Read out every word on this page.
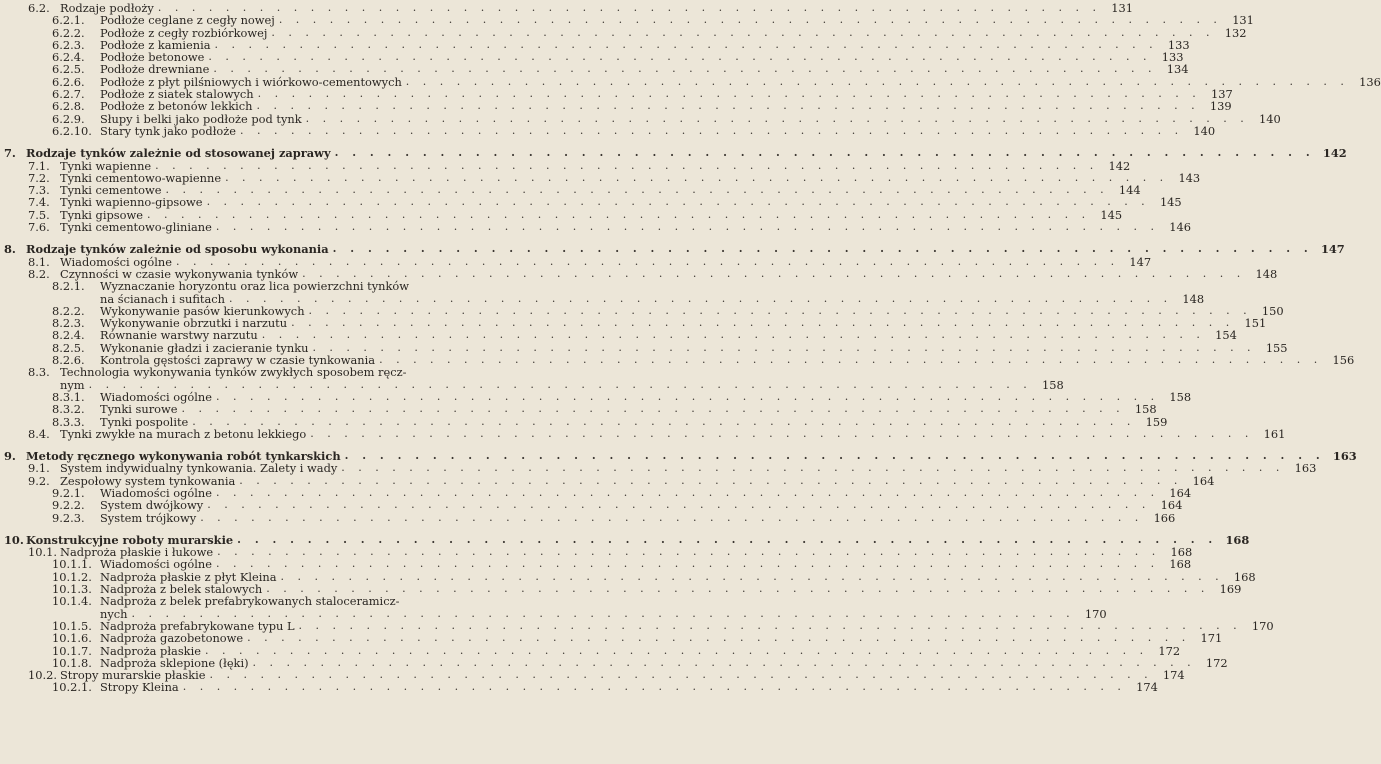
6.2. Rodzaje podłoży . . . . . . . . . . . . . . . . . . . . . . . . . . . . . . . . . . . . . . . . . . . . . . . . . . . . . . . . 131
6.2.1.	Podłoże ceglane z cegły nowej . . . . . . . . . . . . . . . . . . . . . . . . . . . . . . . . . . . . . . . . . . . . . . . . . . . . . . . . 131
6.2.2.	Podłoże z cegły rozbiórkowej . . . . . . . . . . . . . . . . . . . . . . . . . . . . . . . . . . . . . . . . . . . . . . . . . . . . . . . . 132
6.2.3.	Podłoże z kamienia . . . . . . . . . . . . . . . . . . . . . . . . . . . . . . . . . . . . . . . . . . . . . . . . . . . . . . . . 133
6.2.4.	Podłoże betonowe . . . . . . . . . . . . . . . . . . . . . . . . . . . . . . . . . . . . . . . . . . . . . . . . . . . . . . . . 133
6.2.5.	Podłoże drewniane . . . . . . . . . . . . . . . . . . . . . . . . . . . . . . . . . . . . . . . . . . . . . . . . . . . . . . . . 134
6.2.6.	Podłoże z płyt pilśniowych i wiórkowo-cementowych . . . . . . . . . . . . . . . . . . . . . . . . . . . . . . . . . . . . . . . . . . . . . . . . . . . . . . . . 136
6.2.7.	Podłoże z siatek stalowych . . . . . . . . . . . . . . . . . . . . . . . . . . . . . . . . . . . . . . . . . . . . . . . . . . . . . . . . 137
6.2.8.	Podłoże z betonów lekkich . . . . . . . . . . . . . . . . . . . . . . . . . . . . . . . . . . . . . . . . . . . . . . . . . . . . . . . . 139
6.2.9.	Słupy i belki jako podłoże pod tynk . . . . . . . . . . . . . . . . . . . . . . . . . . . . . . . . . . . . . . . . . . . . . . . . . . . . . . . . 140
6.2.10. Stary tynk jako podłoże . . . . . . . . . . . . . . . . . . . . . . . . . . . . . . . . . . . . . . . . . . . . . . . . . . . . . . . . 140
7. Rodzaje tynków zależnie od stosowanej zaprawy . . . . . . . . . . . . . . . . . . . . . . . . . . . . . . . . . . . . . . . . . . . . . . . . . . . . . . . . 142
7.1. Tynki wapienne . . . . . . . . . . . . . . . . . . . . . . . . . . . . . . . . . . . . . . . . . . . . . . . . . . . . . . . . 142
7.2. Tynki cementowo-wapienne . . . . . . . . . . . . . . . . . . . . . . . . . . . . . . . . . . . . . . . . . . . . . . . . . . . . . . . . 143
7.3. Tynki cementowe . . . . . . . . . . . . . . . . . . . . . . . . . . . . . . . . . . . . . . . . . . . . . . . . . . . . . . . . 144
7.4. Tynki wapienno-gipsowe . . . . . . . . . . . . . . . . . . . . . . . . . . . . . . . . . . . . . . . . . . . . . . . . . . . . . . . . 145
7.5. Tynki gipsowe . . . . . . . . . . . . . . . . . . . . . . . . . . . . . . . . . . . . . . . . . . . . . . . . . . . . . . . . 145
7.6. Tynki cementowo-gliniane . . . . . . . . . . . . . . . . . . . . . . . . . . . . . . . . . . . . . . . . . . . . . . . . . . . . . . . . 146
8. Rodzaje tynków zależnie od sposobu wykonania . . . . . . . . . . . . . . . . . . . . . . . . . . . . . . . . . . . . . . . . . . . . . . . . . . . . . . . . 147
8.1. Wiadomości ogólne . . . . . . . . . . . . . . . . . . . . . . . . . . . . . . . . . . . . . . . . . . . . . . . . . . . . . . . . 147
8.2. Czynności w czasie wykonywania tynków . . . . . . . . . . . . . . . . . . . . . . . . . . . . . . . . . . . . . . . . . . . . . . . . . . . . . . . . 148
8.2.1.	Wyznaczanie horyzontu oraz lica powierzchni tynków
na ścianach i sufitach . . . . . . . . . . . . . . . . . . . . . . . . . . . . . . . . . . . . . . . . . . . . . . . . . . . . . . . . 148
8.2.2.	Wykonywanie pasów kierunkowych . . . . . . . . . . . . . . . . . . . . . . . . . . . . . . . . . . . . . . . . . . . . . . . . . . . . . . . . 150
8.2.3.	Wykonywanie obrzutki i narzutu . . . . . . . . . . . . . . . . . . . . . . . . . . . . . . . . . . . . . . . . . . . . . . . . . . . . . . . . 151
8.2.4.	Równanie warstwy narzutu . . . . . . . . . . . . . . . . . . . . . . . . . . . . . . . . . . . . . . . . . . . . . . . . . . . . . . . . 154
8.2.5.	Wykonanie gładzi i zacieranie tynku . . . . . . . . . . . . . . . . . . . . . . . . . . . . . . . . . . . . . . . . . . . . . . . . . . . . . . . . 155
8.2.6.	Kontrola gęstości zaprawy w czasie tynkowania . . . . . . . . . . . . . . . . . . . . . . . . . . . . . . . . . . . . . . . . . . . . . . . . . . . . . . . . 156
8.3. Technologia wykonywania tynków zwykłych sposobem ręcz-
nym . . . . . . . . . . . . . . . . . . . . . . . . . . . . . . . . . . . . . . . . . . . . . . . . . . . . . . . . 158
8.3.1.	Wiadomości ogólne . . . . . . . . . . . . . . . . . . . . . . . . . . . . . . . . . . . . . . . . . . . . . . . . . . . . . . . . 158
8.3.2.	Tynki surowe . . . . . . . . . . . . . . . . . . . . . . . . . . . . . . . . . . . . . . . . . . . . . . . . . . . . . . . . 158
8.3.3.	Tynki pospolite . . . . . . . . . . . . . . . . . . . . . . . . . . . . . . . . . . . . . . . . . . . . . . . . . . . . . . . . 159
8.4. Tynki zwykłe na murach z betonu lekkiego . . . . . . . . . . . . . . . . . . . . . . . . . . . . . . . . . . . . . . . . . . . . . . . . . . . . . . . . 161
9. Metody ręcznego wykonywania robót tynkarskich . . . . . . . . . . . . . . . . . . . . . . . . . . . . . . . . . . . . . . . . . . . . . . . . . . . . . . . . 163
9.1. System indywidualny tynkowania. Zalety i wady . . . . . . . . . . . . . . . . . . . . . . . . . . . . . . . . . . . . . . . . . . . . . . . . . . . . . . . . 163
9.2. Zespołowy system tynkowania . . . . . . . . . . . . . . . . . . . . . . . . . . . . . . . . . . . . . . . . . . . . . . . . . . . . . . . . 164
9.2.1.	Wiadomości ogólne . . . . . . . . . . . . . . . . . . . . . . . . . . . . . . . . . . . . . . . . . . . . . . . . . . . . . . . . 164
9.2.2.	System dwójkowy . . . . . . . . . . . . . . . . . . . . . . . . . . . . . . . . . . . . . . . . . . . . . . . . . . . . . . . . 164
9.2.3.	System trójkowy . . . . . . . . . . . . . . . . . . . . . . . . . . . . . . . . . . . . . . . . . . . . . . . . . . . . . . . . 166
10. Konstrukcyjne roboty murarskie . . . . . . . . . . . . . . . . . . . . . . . . . . . . . . . . . . . . . . . . . . . . . . . . . . . . . . . . 168
10.1. Nadproża płaskie i łukowe . . . . . . . . . . . . . . . . . . . . . . . . . . . . . . . . . . . . . . . . . . . . . . . . . . . . . . . . 168
10.1.1. Wiadomości ogólne . . . . . . . . . . . . . . . . . . . . . . . . . . . . . . . . . . . . . . . . . . . . . . . . . . . . . . . . 168
10.1.2. Nadproża płaskie z płyt Kleina . . . . . . . . . . . . . . . . . . . . . . . . . . . . . . . . . . . . . . . . . . . . . . . . . . . . . . . . 168
10.1.3. Nadproża z belek stalowych . . . . . . . . . . . . . . . . . . . . . . . . . . . . . . . . . . . . . . . . . . . . . . . . . . . . . . . . 169
10.1.4. Nadproża z belek prefabrykowanych staloceramicz-
nych . . . . . . . . . . . . . . . . . . . . . . . . . . . . . . . . . . . . . . . . . . . . . . . . . . . . . . . . 170
10.1.5. Nadproża prefabrykowane typu L . . . . . . . . . . . . . . . . . . . . . . . . . . . . . . . . . . . . . . . . . . . . . . . . . . . . . . . . 170
10.1.6. Nadproża gazobetonowe . . . . . . . . . . . . . . . . . . . . . . . . . . . . . . . . . . . . . . . . . . . . . . . . . . . . . . . . 171
10.1.7. Nadproża płaskie . . . . . . . . . . . . . . . . . . . . . . . . . . . . . . . . . . . . . . . . . . . . . . . . . . . . . . . . 172
10.1.8. Nadproża sklepione (łęki) . . . . . . . . . . . . . . . . . . . . . . . . . . . . . . . . . . . . . . . . . . . . . . . . . . . . . . . . 172
10.2. Stropy murarskie płaskie . . . . . . . . . . . . . . . . . . . . . . . . . . . . . . . . . . . . . . . . . . . . . . . . . . . . . . . . 174
10.2.1. Stropy Kleina . . . . . . . . . . . . . . . . . . . . . . . . . . . . . . . . . . . . . . . . . . . . . . . . . . . . . . . . 174
